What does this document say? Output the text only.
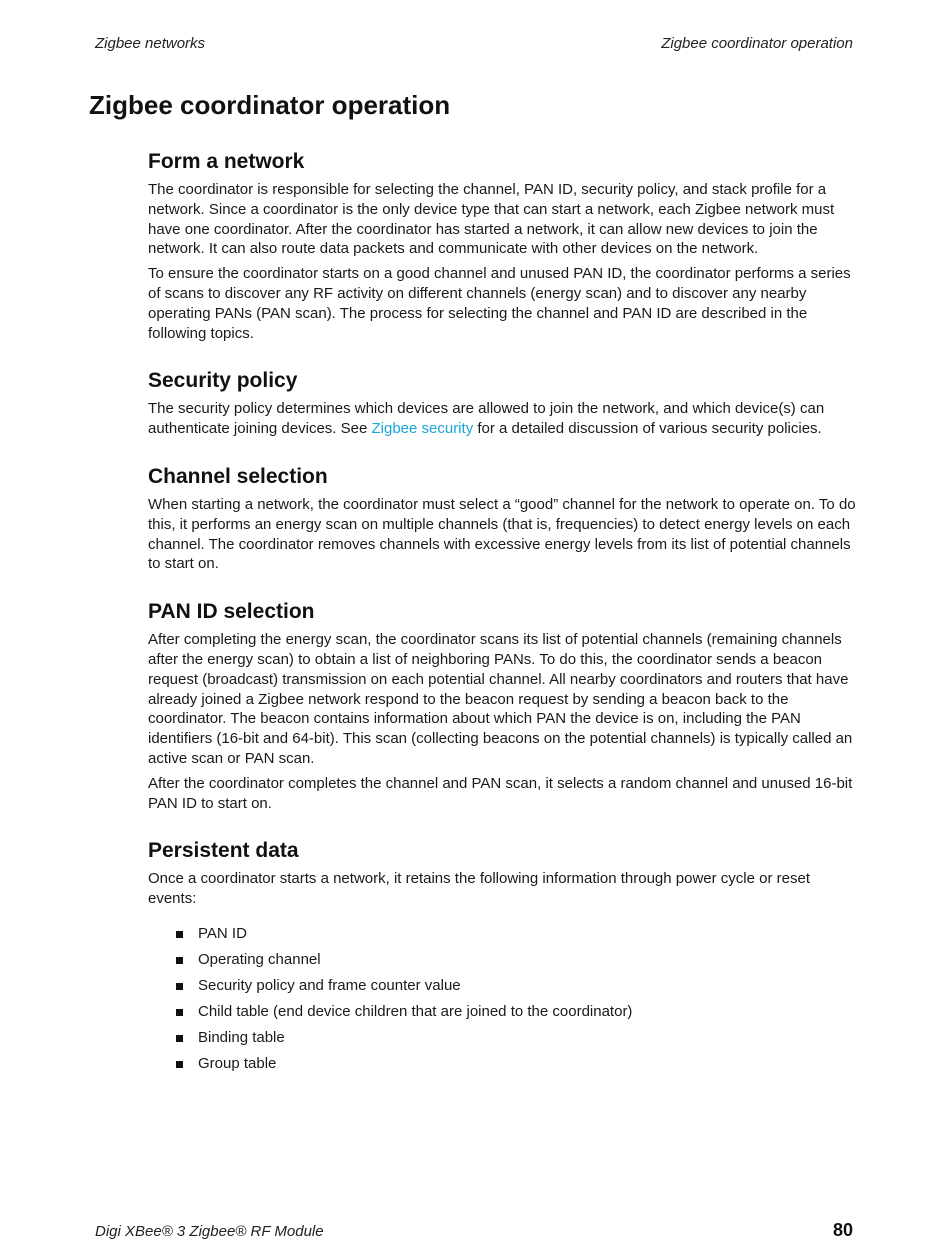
Zigbee networks	Zigbee coordinator operation
Zigbee coordinator operation
Form a network

The coordinator is responsible for selecting the channel, PAN ID, security policy, and stack profile for a network. Since a coordinator is the only device type that can start a network, each Zigbee network must have one coordinator. After the coordinator has started a network, it can allow new devices to join the network. It can also route data packets and communicate with other devices on the network.

To ensure the coordinator starts on a good channel and unused PAN ID, the coordinator performs a series of scans to discover any RF activity on different channels (energy scan) and to discover any nearby operating PANs (PAN scan). The process for selecting the channel and PAN ID are described in the following topics.

Security policy

The security policy determines which devices are allowed to join the network, and which device(s) can authenticate joining devices. See Zigbee security for a detailed discussion of various security policies.

Channel selection

When starting a network, the coordinator must select a “good” channel for the network to operate on. To do this, it performs an energy scan on multiple channels (that is, frequencies) to detect energy levels on each channel. The coordinator removes channels with excessive energy levels from its list of potential channels to start on.

PAN ID selection

After completing the energy scan, the coordinator scans its list of potential channels (remaining channels after the energy scan) to obtain a list of neighboring PANs. To do this, the coordinator sends a beacon request (broadcast) transmission on each potential channel. All nearby coordinators and routers that have already joined a Zigbee network respond to the beacon request by sending a beacon back to the coordinator. The beacon contains information about which PAN the device is on, including the PAN identifiers (16-bit and 64-bit). This scan (collecting beacons on the potential channels) is typically called an active scan or PAN scan.

After the coordinator completes the channel and PAN scan, it selects a random channel and unused 16-bit PAN ID to start on.

Persistent data

Once a coordinator starts a network, it retains the following information through power cycle or reset events:

PAN ID
Operating channel
Security policy and frame counter value
Child table (end device children that are joined to the coordinator)
Binding table
Group table
Digi XBee® 3 Zigbee® RF Module	80
